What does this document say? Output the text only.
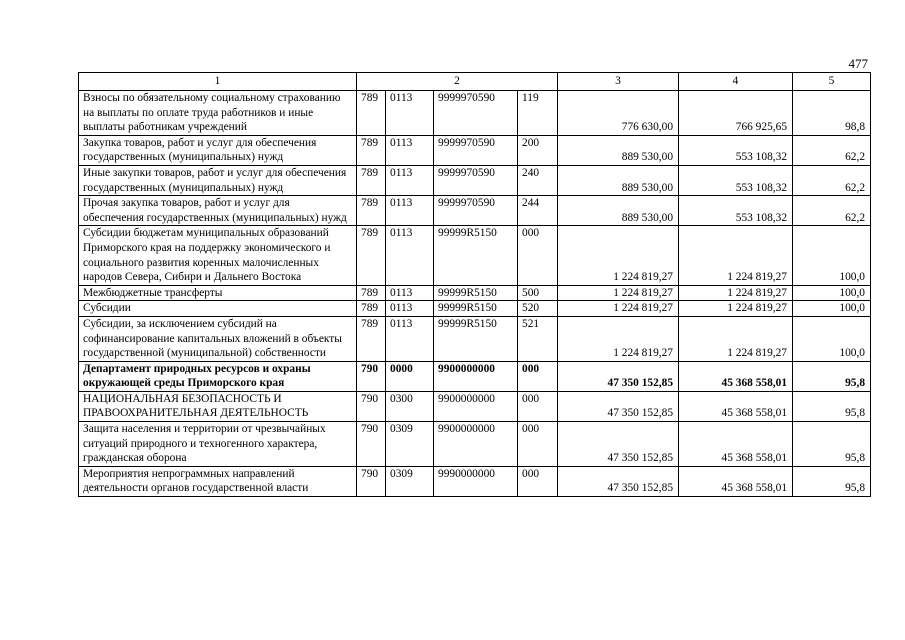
477
1	2				3	4	5
Взносы по обязательному социальному страхованию на выплаты по оплате труда работников и иные выплаты работникам учреждений	789	0113	9999970590	119	776 630,00	766 925,65	98,8
Закупка товаров, работ и услуг для обеспечения государственных (муниципальных) нужд	789	0113	9999970590	200	889 530,00	553 108,32	62,2
Иные закупки товаров, работ и услуг для обеспечения государственных (муниципальных) нужд	789	0113	9999970590	240	889 530,00	553 108,32	62,2
Прочая закупка товаров, работ и услуг для обеспечения государственных (муниципальных) нужд	789	0113	9999970590	244	889 530,00	553 108,32	62,2
Субсидии бюджетам муниципальных образований Приморского края на поддержку экономического и социального развития коренных малочисленных народов Севера, Сибири и Дальнего Востока	789	0113	99999R5150	000	1 224 819,27	1 224 819,27	100,0
Межбюджетные трансферты	789	0113	99999R5150	500	1 224 819,27	1 224 819,27	100,0
Субсидии	789	0113	99999R5150	520	1 224 819,27	1 224 819,27	100,0
Субсидии, за исключением субсидий на софинансирование капитальных вложений в объекты государственной (муниципальной) собственности	789	0113	99999R5150	521	1 224 819,27	1 224 819,27	100,0
Департамент природных ресурсов и охраны окружающей среды Приморского края	790	0000	9900000000	000	47 350 152,85	45 368 558,01	95,8
НАЦИОНАЛЬНАЯ БЕЗОПАСНОСТЬ И ПРАВООХРАНИТЕЛЬНАЯ ДЕЯТЕЛЬНОСТЬ	790	0300	9900000000	000	47 350 152,85	45 368 558,01	95,8
Защита населения и территории от чрезвычайных ситуаций природного и техногенного характера, гражданская оборона	790	0309	9900000000	000	47 350 152,85	45 368 558,01	95,8
Мероприятия непрограммных направлений деятельности органов государственной власти	790	0309	9990000000	000	47 350 152,85	45 368 558,01	95,8
